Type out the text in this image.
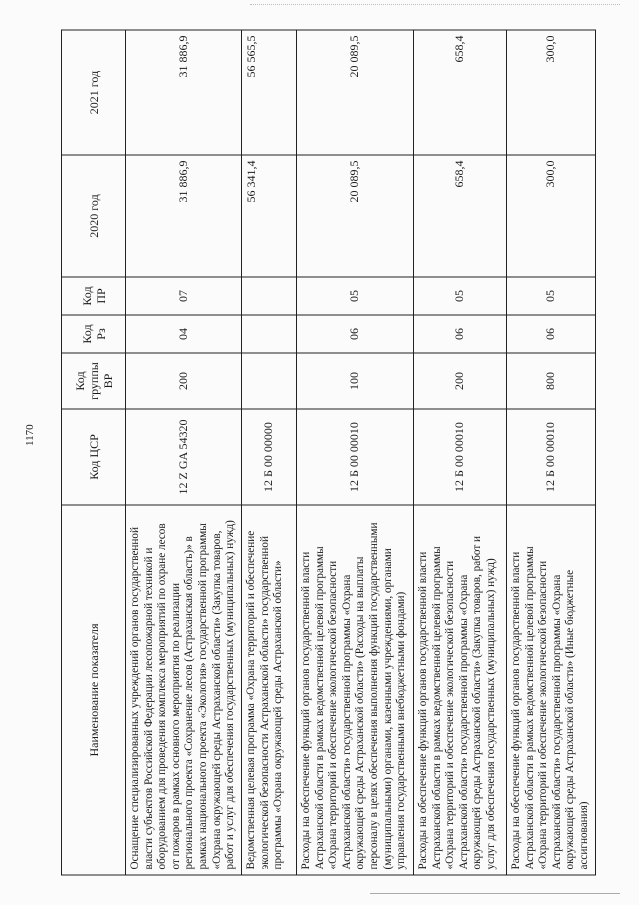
1170
Наименование показателя	Код ЦСР	Код группы ВР	Код Рз	Код ПР	2020 год	2021 год
Оснащение специализированных учреждений органов государственной власти субъектов Российской Федерации лесопожарной техникой и оборудованием для проведения комплекса мероприятий по охране лесов от пожаров в рамках основного мероприятия по реализации регионального проекта «Сохранение лесов (Астраханская область)» в рамках национального проекта «Экология» государственной программы «Охрана окружающей среды Астраханской области» (Закупка товаров, работ и услуг для обеспечения государственных (муниципальных) нужд)	12 Z GA 54320	200	04	07	31 886,9	31 886,9
Ведомственная целевая программа «Охрана территорий и обеспечение экологической безопасности Астраханской области» государственной программы «Охрана окружающей среды Астраханской области»	12 Б 00 00000				56 341,4	56 565,5
Расходы на обеспечение функций органов государственной власти Астраханской области в рамках ведомственной целевой программы «Охрана территорий и обеспечение экологической безопасности Астраханской области» государственной программы «Охрана окружающей среды Астраханской области» (Расходы на выплаты персоналу в целях обеспечения выполнения функций государственными (муниципальными) органами, казенными учреждениями, органами управления государственными внебюджетными фондами)	12 Б 00 00010	100	06	05	20 089,5	20 089,5
Расходы на обеспечение функций органов государственной власти Астраханской области в рамках ведомственной целевой программы «Охрана территорий и обеспечение экологической безопасности Астраханской области» государственной программы «Охрана окружающей среды Астраханской области» (Закупка товаров, работ и услуг для обеспечения государственных (муниципальных) нужд)	12 Б 00 00010	200	06	05	658,4	658,4
Расходы на обеспечение функций органов государственной власти Астраханской области в рамках ведомственной целевой программы «Охрана территорий и обеспечение экологической безопасности Астраханской области» государственной программы «Охрана окружающей среды Астраханской области» (Иные бюджетные ассигнования)	12 Б 00 00010	800	06	05	300,0	300,0
